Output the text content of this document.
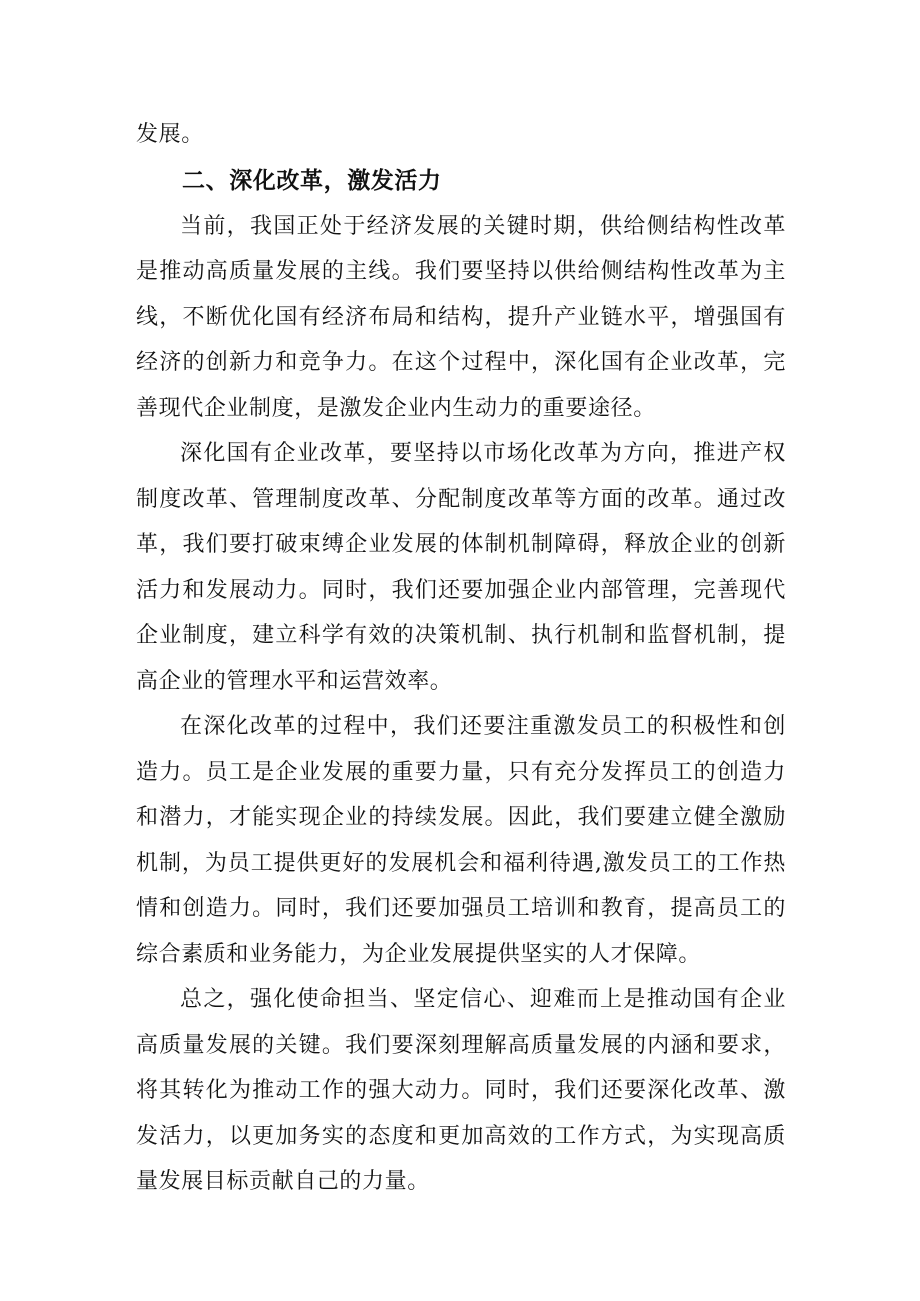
发展。

二、深化改革，激发活力

当前，我国正处于经济发展的关键时期，供给侧结构性改革是推动高质量发展的主线。我们要坚持以供给侧结构性改革为主线，不断优化国有经济布局和结构，提升产业链水平，增强国有经济的创新力和竞争力。在这个过程中，深化国有企业改革，完善现代企业制度，是激发企业内生动力的重要途径。

深化国有企业改革，要坚持以市场化改革为方向，推进产权制度改革、管理制度改革、分配制度改革等方面的改革。通过改革，我们要打破束缚企业发展的体制机制障碍，释放企业的创新活力和发展动力。同时，我们还要加强企业内部管理，完善现代企业制度，建立科学有效的决策机制、执行机制和监督机制，提高企业的管理水平和运营效率。

在深化改革的过程中，我们还要注重激发员工的积极性和创造力。员工是企业发展的重要力量，只有充分发挥员工的创造力和潜力，才能实现企业的持续发展。因此，我们要建立健全激励机制，为员工提供更好的发展机会和福利待遇,激发员工的工作热情和创造力。同时，我们还要加强员工培训和教育，提高员工的综合素质和业务能力，为企业发展提供坚实的人才保障。

总之，强化使命担当、坚定信心、迎难而上是推动国有企业高质量发展的关键。我们要深刻理解高质量发展的内涵和要求，将其转化为推动工作的强大动力。同时，我们还要深化改革、激发活力，以更加务实的态度和更加高效的工作方式，为实现高质量发展目标贡献自己的力量。
